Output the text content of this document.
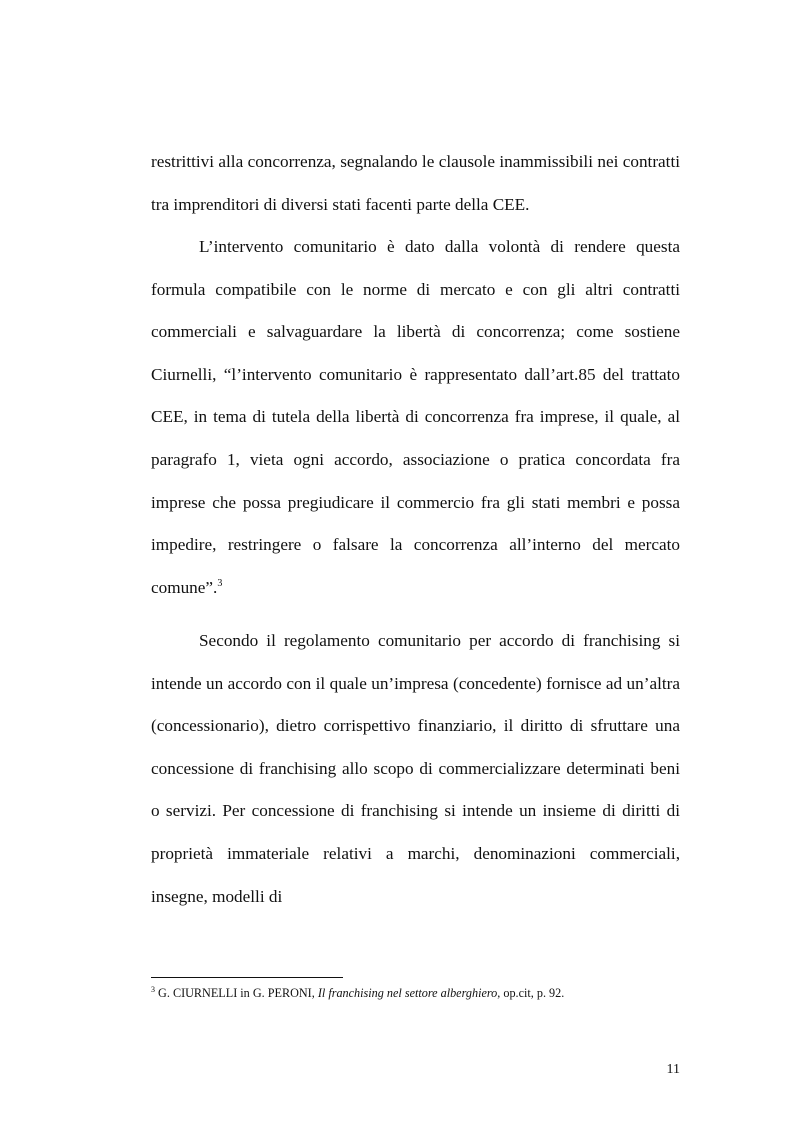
restrittivi alla concorrenza, segnalando le clausole inammissibili nei contratti tra imprenditori di diversi stati facenti parte della CEE.

L’intervento comunitario è dato dalla volontà di rendere questa formula compatibile con le norme di mercato e con gli altri contratti commerciali e salvaguardare la libertà di concorrenza; come sostiene Ciurnelli, “l’intervento comunitario è rappresentato dall’art.85 del trattato CEE, in tema di tutela della libertà di concorrenza fra imprese, il quale, al paragrafo 1, vieta ogni accordo, associazione o pratica concordata fra imprese che possa pregiudicare il commercio fra gli stati membri e possa impedire, restringere o falsare la concorrenza all’interno del mercato comune”.$^3$

Secondo il regolamento comunitario per accordo di franchising si intende un accordo con il quale un’impresa (concedente) fornisce ad un’altra (concessionario), dietro corrispettivo finanziario, il diritto di sfruttare una concessione di franchising allo scopo di commercializzare determinati beni o servizi. Per concessione di franchising si intende un insieme di diritti di proprietà immateriale relativi a marchi, denominazioni commerciali, insegne, modelli di

$^3$ G. CIURNELLI in G. PERONI, Il franchising nel settore alberghiero, op.cit, p. 92.

11
